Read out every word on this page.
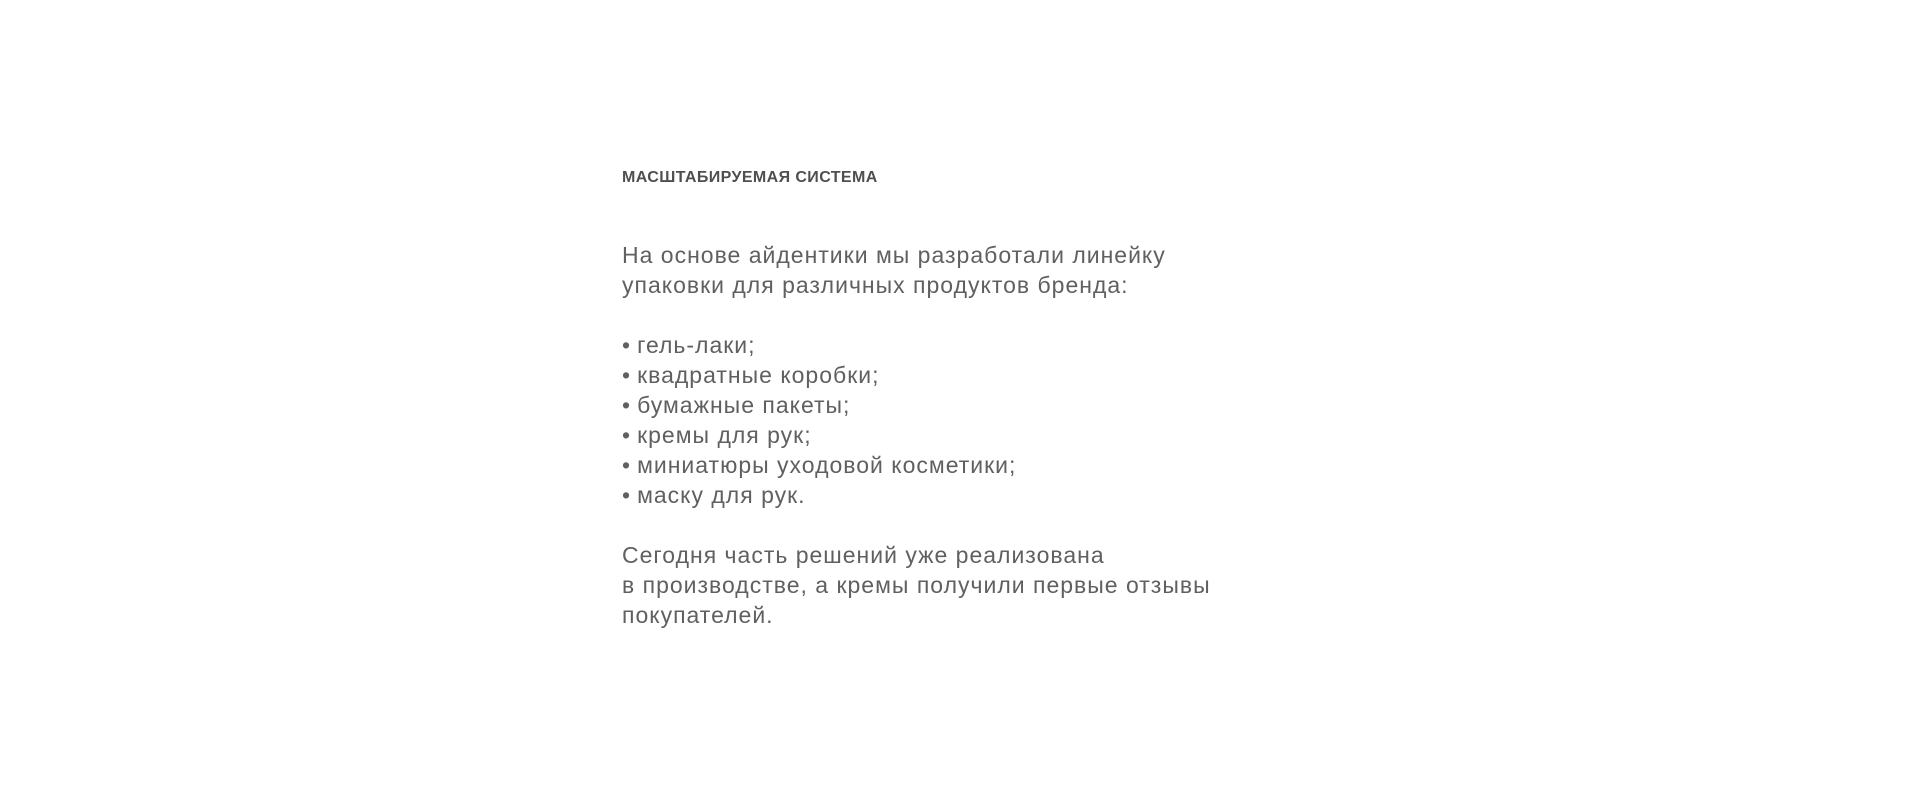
МАСШТАБИРУЕМАЯ СИСТЕМА

На основе айдентики мы разработали линейку
упаковки для различных продуктов бренда:

• гель-лаки;
• квадратные коробки;
• бумажные пакеты;
• кремы для рук;
• миниатюры уходовой косметики;
• маску для рук.

Сегодня часть решений уже реализована
в производстве, а кремы получили первые отзывы
покупателей.
